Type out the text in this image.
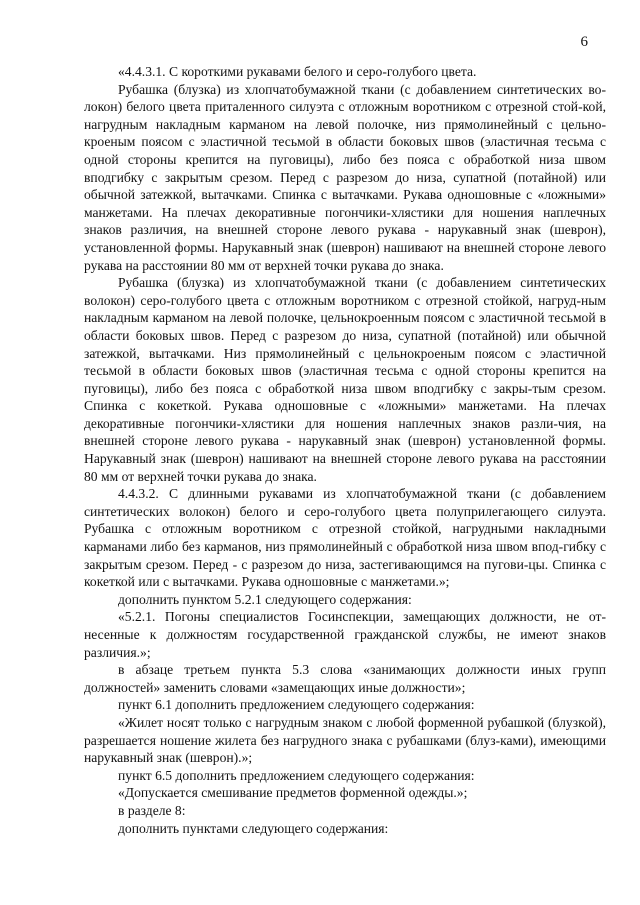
6

«4.4.3.1. С короткими рукавами белого и серо-голубого цвета.

Рубашка (блузка) из хлопчатобумажной ткани (с добавлением синтетических во-локон) белого цвета приталенного силуэта с отложным воротником с отрезной стой-кой, нагрудным накладным карманом на левой полочке, низ прямолинейный с цельно-кроеным поясом с эластичной тесьмой в области боковых швов (эластичная тесьма с одной стороны крепится на пуговицы), либо без пояса с обработкой низа швом вподгибку с закрытым срезом. Перед с разрезом до низа, супатной (потайной) или обычной затежкой, вытачками. Спинка с вытачками. Рукава одношовные с «ложными» манжетами. На плечах декоративные погончики-хлястики для ношения наплечных знаков различия, на внешней стороне левого рукава - нарукавный знак (шеврон), установленной формы. Нарукавный знак (шеврон) нашивают на внешней стороне левого рукава на расстоянии 80 мм от верхней точки рукава до знака.

Рубашка (блузка) из хлопчатобумажной ткани (с добавлением синтетических волокон) серо-голубого цвета с отложным воротником с отрезной стойкой, нагруд-ным накладным карманом на левой полочке, цельнокроенным поясом с эластичной тесьмой в области боковых швов. Перед с разрезом до низа, супатной (потайной) или обычной затежкой, вытачками. Низ прямолинейный с цельнокроеным поясом с эластичной тесьмой в области боковых швов (эластичная тесьма с одной стороны крепится на пуговицы), либо без пояса с обработкой низа швом вподгибку с закры-тым срезом. Спинка с кокеткой. Рукава одношовные с «ложными» манжетами. На плечах декоративные погончики-хлястики для ношения наплечных знаков разли-чия, на внешней стороне левого рукава - нарукавный знак (шеврон) установленной формы. Нарукавный знак (шеврон) нашивают на внешней стороне левого рукава на расстоянии 80 мм от верхней точки рукава до знака.

4.4.3.2. С длинными рукавами из хлопчатобумажной ткани (с добавлением синтетических волокон) белого и серо-голубого цвета полуприлегающего силуэта. Рубашка с отложным воротником с отрезной стойкой, нагрудными накладными карманами либо без карманов, низ прямолинейный с обработкой низа швом впод-гибку с закрытым срезом. Перед - с разрезом до низа, застегивающимся на пугови-цы. Спинка с кокеткой или с вытачками. Рукава одношовные с манжетами.»;

дополнить пунктом 5.2.1 следующего содержания:

«5.2.1. Погоны специалистов Госинспекции, замещающих должности, не от-несенные к должностям государственной гражданской службы, не имеют знаков различия.»;

в абзаце третьем пункта 5.3 слова «занимающих должности иных групп должностей» заменить словами «замещающих иные должности»;

пункт 6.1 дополнить предложением следующего содержания:

«Жилет носят только с нагрудным знаком с любой форменной рубашкой (блузкой), разрешается ношение жилета без нагрудного знака с рубашками (блуз-ками), имеющими нарукавный знак (шеврон).»;

пункт 6.5 дополнить предложением следующего содержания:

«Допускается смешивание предметов форменной одежды.»;

в разделе 8:

дополнить пунктами следующего содержания:
